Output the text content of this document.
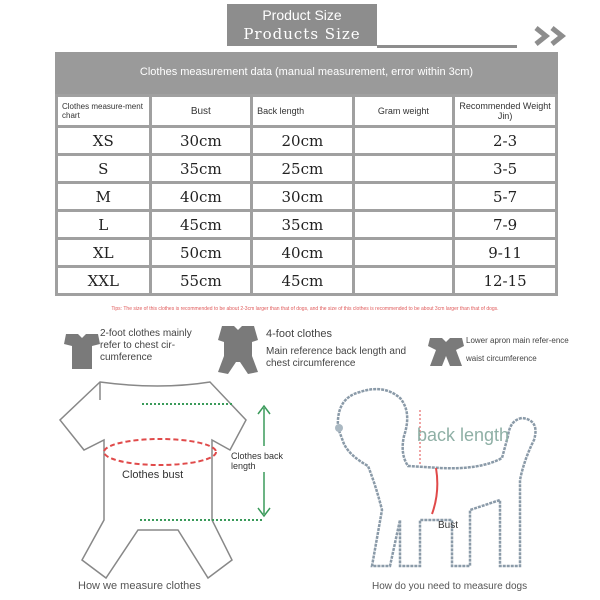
Product Size
Products Size
Clothes measurement data (manual measurement, error within 3cm)
Clothes measure-ment chart	Bust	Back length	Gram weight	Recommended Weight Jin)
XS	30cm	20cm		2-3
S	35cm	25cm		3-5
M	40cm	30cm		5-7
L	45cm	35cm		7-9
XL	50cm	40cm		9-11
XXL	55cm	45cm		12-15
Tips: The size of this clothes is recommended to be about 2-3cm larger than that of dogs, and the size of this clothes is recommended to be about 3cm larger than that of dogs.
2-foot clothes mainly refer to chest cir-cumference
4-foot clothes
Main reference back length and chest circumference
Lower apron main refer-ence waist circumference
Clothes bust
Clothes back length
back length
Bust
How we measure clothes	How do you need to measure dogs
